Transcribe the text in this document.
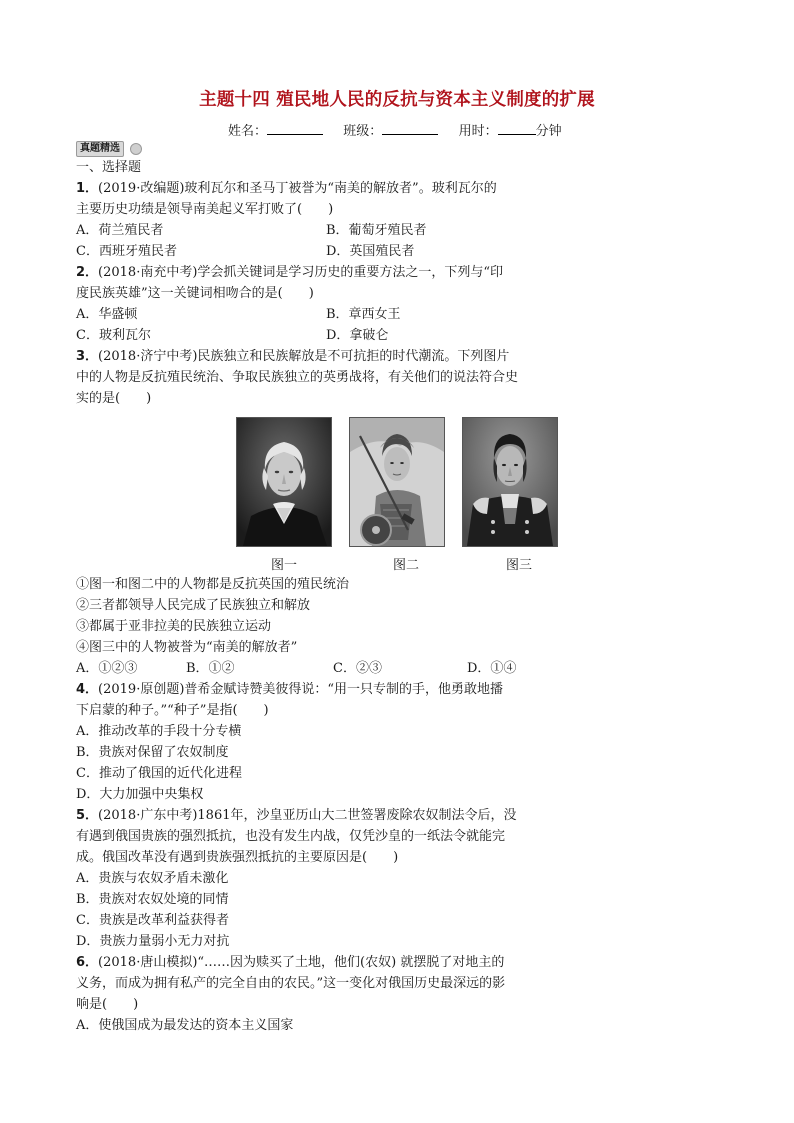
主题十四 殖民地人民的反抗与资本主义制度的扩展
姓名：	班级：	用时：	分钟
真题精选
一、选择题
1．(2019·改编题)玻利瓦尔和圣马丁被誉为“南美的解放者”。玻利瓦尔的
主要历史功绩是领导南美起义军打败了(　　)
A．荷兰殖民者	B．葡萄牙殖民者
C．西班牙殖民者	D．英国殖民者
2．(2018·南充中考)学会抓关键词是学习历史的重要方法之一，下列与“印
度民族英雄”这一关键词相吻合的是(　　)
A．华盛顿	B．章西女王
C．玻利瓦尔	D．拿破仑
3．(2018·济宁中考)民族独立和民族解放是不可抗拒的时代潮流。下列图片
中的人物是反抗殖民统治、争取民族独立的英勇战将，有关他们的说法符合史
实的是(　　)
图一	图二	图三
①图一和图二中的人物都是反抗英国的殖民统治
②三者都领导人民完成了民族独立和解放
③都属于亚非拉美的民族独立运动
④图三中的人物被誉为“南美的解放者”
A．①②③	B．①②	C．②③	D．①④
4．(2019·原创题)普希金赋诗赞美彼得说：“用一只专制的手，他勇敢地播
下启蒙的种子。”“种子”是指(　　)
A．推动改革的手段十分专横
B．贵族对保留了农奴制度
C．推动了俄国的近代化进程
D．大力加强中央集权
5．(2018·广东中考)1861年，沙皇亚历山大二世签署废除农奴制法令后，没
有遇到俄国贵族的强烈抵抗，也没有发生内战，仅凭沙皇的一纸法令就能完
成。俄国改革没有遇到贵族强烈抵抗的主要原因是(　　)
A．贵族与农奴矛盾未激化
B．贵族对农奴处境的同情
C．贵族是改革利益获得者
D．贵族力量弱小无力对抗
6．(2018·唐山模拟)“……因为赎买了土地，他们(农奴) 就摆脱了对地主的
义务，而成为拥有私产的完全自由的农民。”这一变化对俄国历史最深远的影
响是(　　)
A．使俄国成为最发达的资本主义国家
